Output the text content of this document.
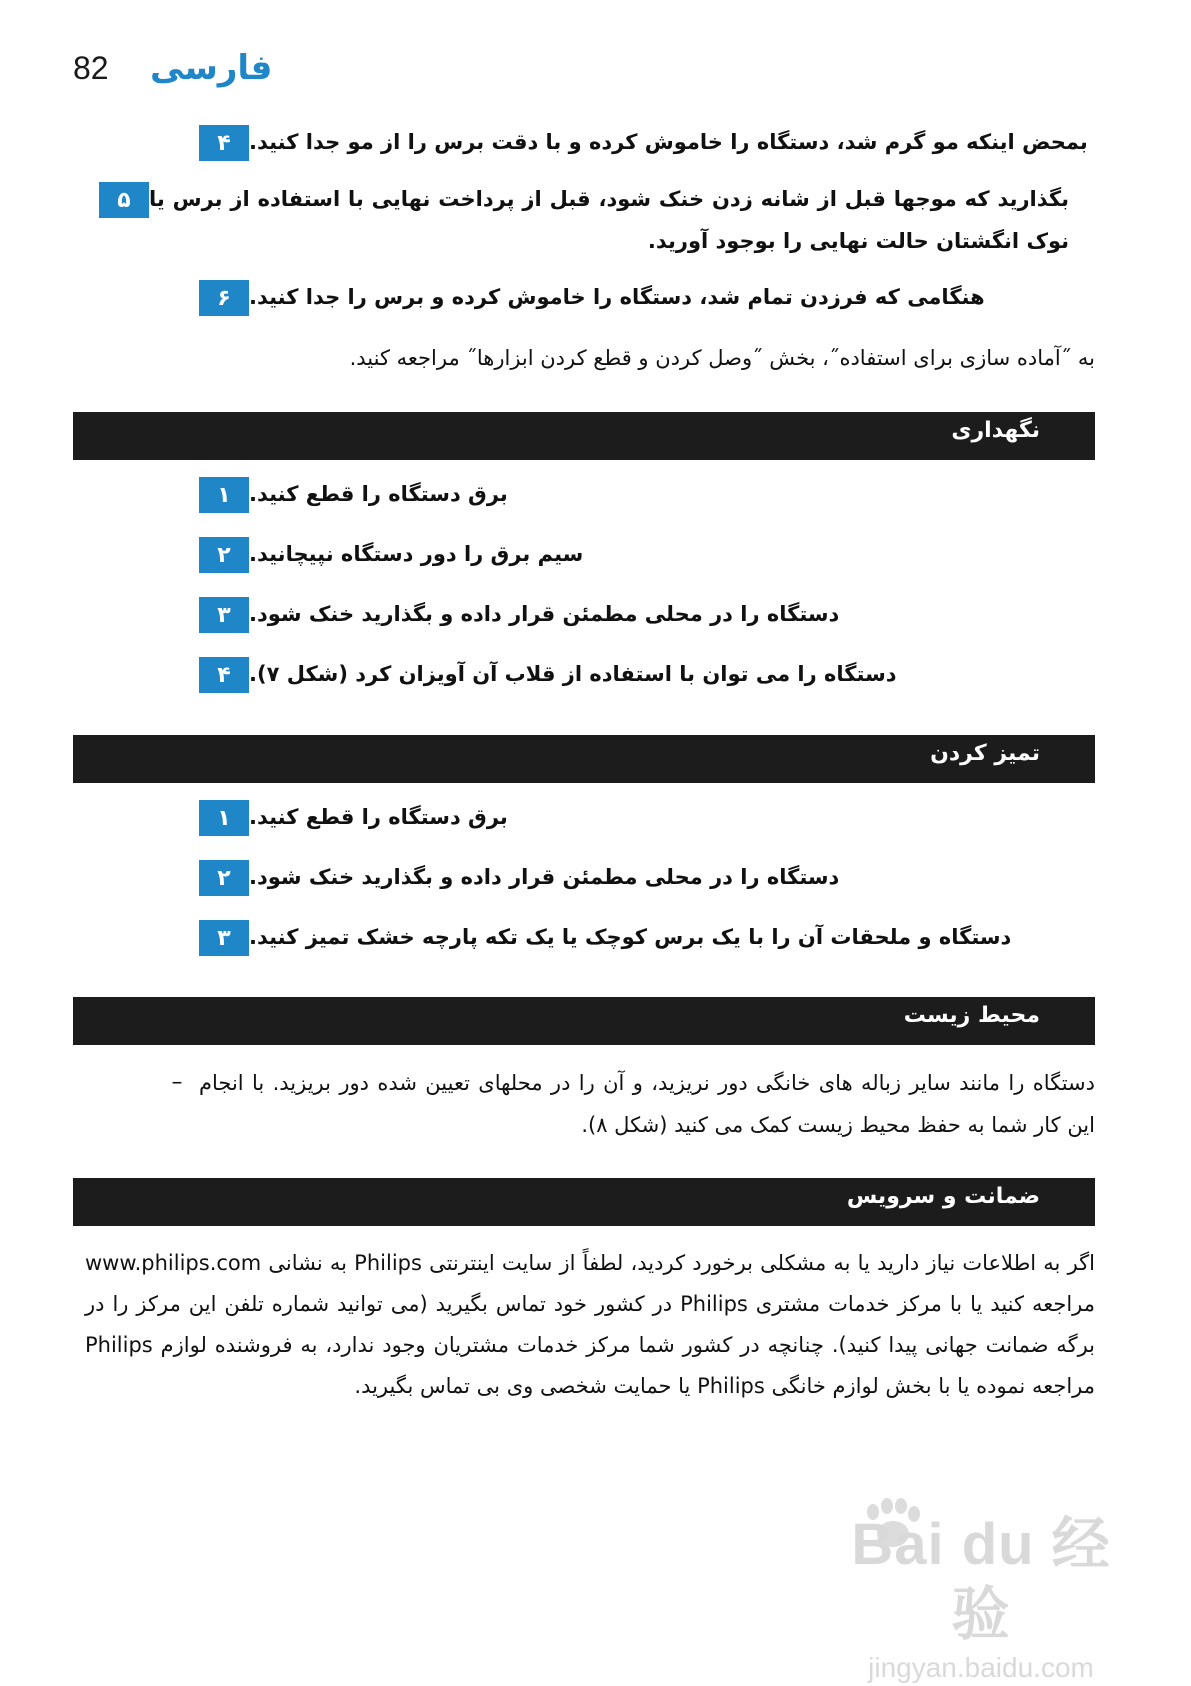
82 فارسی
۴ بمحض اینکه مو گرم شد، دستگاه را خاموش کرده و با دقت برس را از مو جدا کنید.
۵ بگذارید که موجها قبل از شانه زدن خنک شود، قبل از پرداخت نهایی با استفاده از برس یا نوک انگشتان حالت نهایی را بوجود آورید.
۶ هنگامی که فرزدن تمام شد، دستگاه را خاموش کرده و برس را جدا کنید.
به ˝آماده سازی برای استفاده˝، بخش ˝وصل کردن و قطع کردن ابزارها˝ مراجعه کنید.
نگهداری
۱ برق دستگاه را قطع کنید.
۲ سیم برق را دور دستگاه نپیچانید.
۳ دستگاه را در محلی مطمئن قرار داده و بگذارید خنک شود.
۴ دستگاه را می توان با استفاده از قلاب آن آویزان کرد (شکل ۷).
تمیز کردن
۱ برق دستگاه را قطع کنید.
۲ دستگاه را در محلی مطمئن قرار داده و بگذارید خنک شود.
۳ دستگاه و ملحقات آن را با یک برس کوچک یا یک تکه پارچه خشک تمیز کنید.
محیط زیست
– دستگاه را مانند سایر زباله های خانگی دور نریزید، و آن را در محلهای تعیین شده دور بریزید. با انجام این کار شما به حفظ محیط زیست کمک می کنید (شکل ۸).
ضمانت و سرویس
اگر به اطلاعات نیاز دارید یا به مشکلی برخورد کردید، لطفاً از سایت اینترنتی Philips به نشانی www.philips.com مراجعه کنید یا با مرکز خدمات مشتری Philips در کشور خود تماس بگیرید (می توانید شماره تلفن این مرکز را در برگه ضمانت جهانی پیدا کنید). چنانچه در کشور شما مرکز خدمات مشتریان وجود ندارد، به فروشنده لوازم Philips مراجعه نموده یا با بخش لوازم خانگی Philips یا حمایت شخصی وی بی تماس بگیرید.
Bai du 经验
jingyan.baidu.com
